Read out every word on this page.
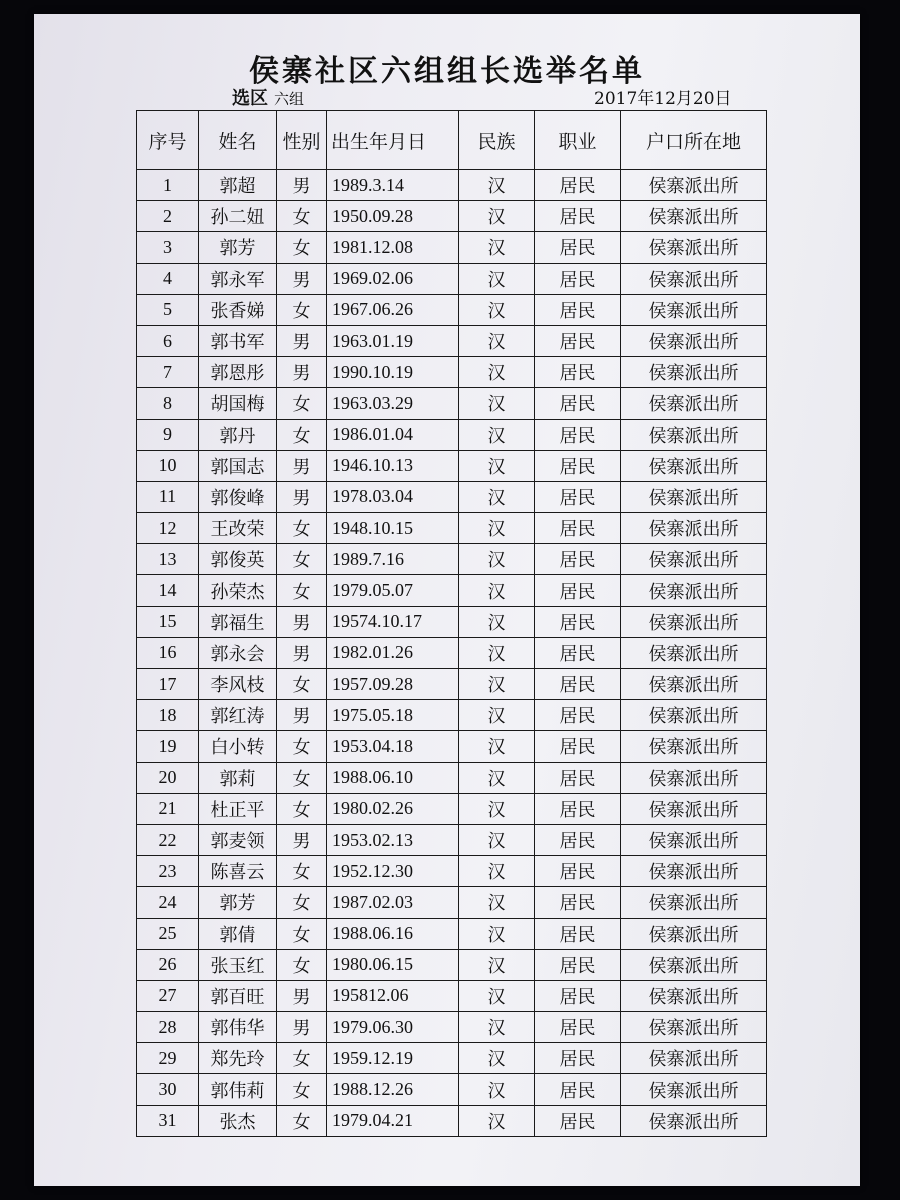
侯寨社区六组组长选举名单
选区 六组	2017年12月20日
序号	姓名	性别	出生年月日	民族	职业	户口所在地
1	郭超	男	1989.3.14	汉	居民	侯寨派出所
2	孙二妞	女	1950.09.28	汉	居民	侯寨派出所
3	郭芳	女	1981.12.08	汉	居民	侯寨派出所
4	郭永军	男	1969.02.06	汉	居民	侯寨派出所
5	张香娣	女	1967.06.26	汉	居民	侯寨派出所
6	郭书军	男	1963.01.19	汉	居民	侯寨派出所
7	郭恩彤	男	1990.10.19	汉	居民	侯寨派出所
8	胡国梅	女	1963.03.29	汉	居民	侯寨派出所
9	郭丹	女	1986.01.04	汉	居民	侯寨派出所
10	郭国志	男	1946.10.13	汉	居民	侯寨派出所
11	郭俊峰	男	1978.03.04	汉	居民	侯寨派出所
12	王改荣	女	1948.10.15	汉	居民	侯寨派出所
13	郭俊英	女	1989.7.16	汉	居民	侯寨派出所
14	孙荣杰	女	1979.05.07	汉	居民	侯寨派出所
15	郭福生	男	19574.10.17	汉	居民	侯寨派出所
16	郭永会	男	1982.01.26	汉	居民	侯寨派出所
17	李风枝	女	1957.09.28	汉	居民	侯寨派出所
18	郭红涛	男	1975.05.18	汉	居民	侯寨派出所
19	白小转	女	1953.04.18	汉	居民	侯寨派出所
20	郭莉	女	1988.06.10	汉	居民	侯寨派出所
21	杜正平	女	1980.02.26	汉	居民	侯寨派出所
22	郭麦领	男	1953.02.13	汉	居民	侯寨派出所
23	陈喜云	女	1952.12.30	汉	居民	侯寨派出所
24	郭芳	女	1987.02.03	汉	居民	侯寨派出所
25	郭倩	女	1988.06.16	汉	居民	侯寨派出所
26	张玉红	女	1980.06.15	汉	居民	侯寨派出所
27	郭百旺	男	195812.06	汉	居民	侯寨派出所
28	郭伟华	男	1979.06.30	汉	居民	侯寨派出所
29	郑先玲	女	1959.12.19	汉	居民	侯寨派出所
30	郭伟莉	女	1988.12.26	汉	居民	侯寨派出所
31	张杰	女	1979.04.21	汉	居民	侯寨派出所
